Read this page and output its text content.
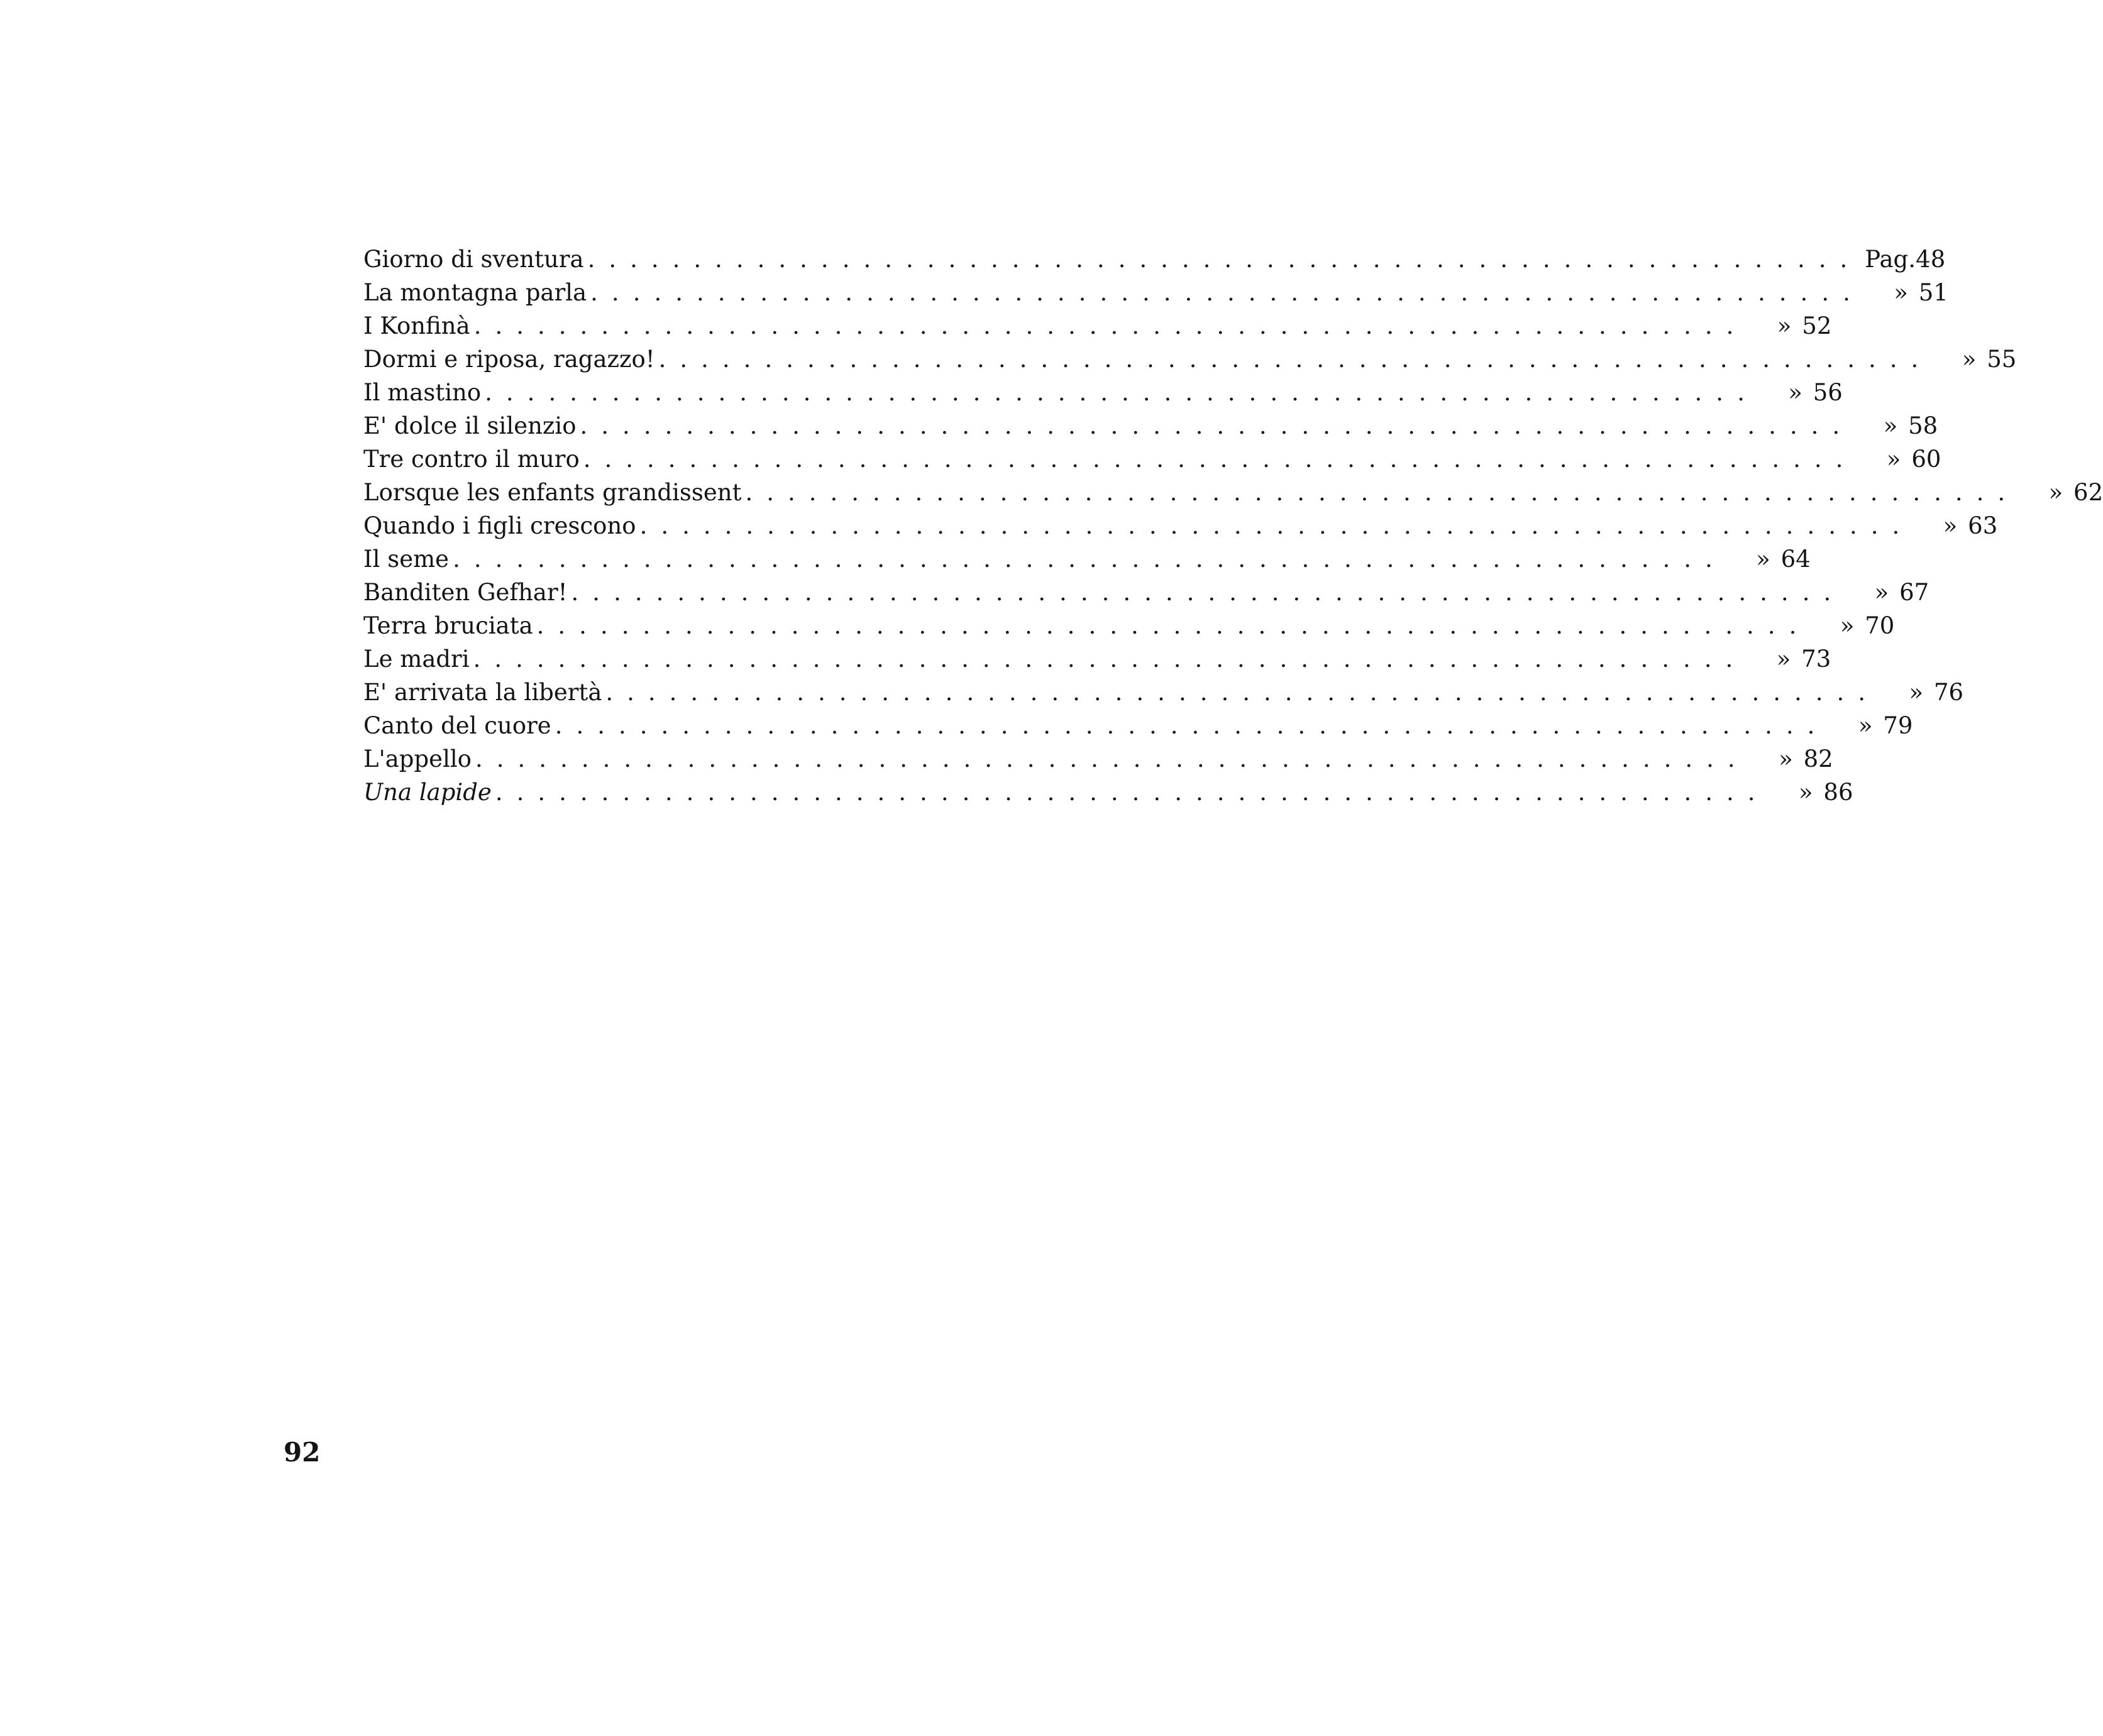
Giorno di sventura ............................................................ Pag. 48
La montagna parla ............................................................	» 51
I Konfinà ............................................................	» 52
Dormi e riposa, ragazzo! ............................................................	» 55
Il mastino ............................................................	» 56
E' dolce il silenzio ............................................................	» 58
Tre contro il muro ............................................................	» 60
Lorsque les enfants grandissent ............................................................	» 62
Quando i figli crescono ............................................................	» 63
Il seme ............................................................	» 64
Banditen Gefhar! ............................................................	» 67
Terra bruciata ............................................................	» 70
Le madri ............................................................	» 73
E' arrivata la libertà ............................................................	» 76
Canto del cuore ............................................................	» 79
L'appello ............................................................	» 82
Una lapide ............................................................	» 86
92
